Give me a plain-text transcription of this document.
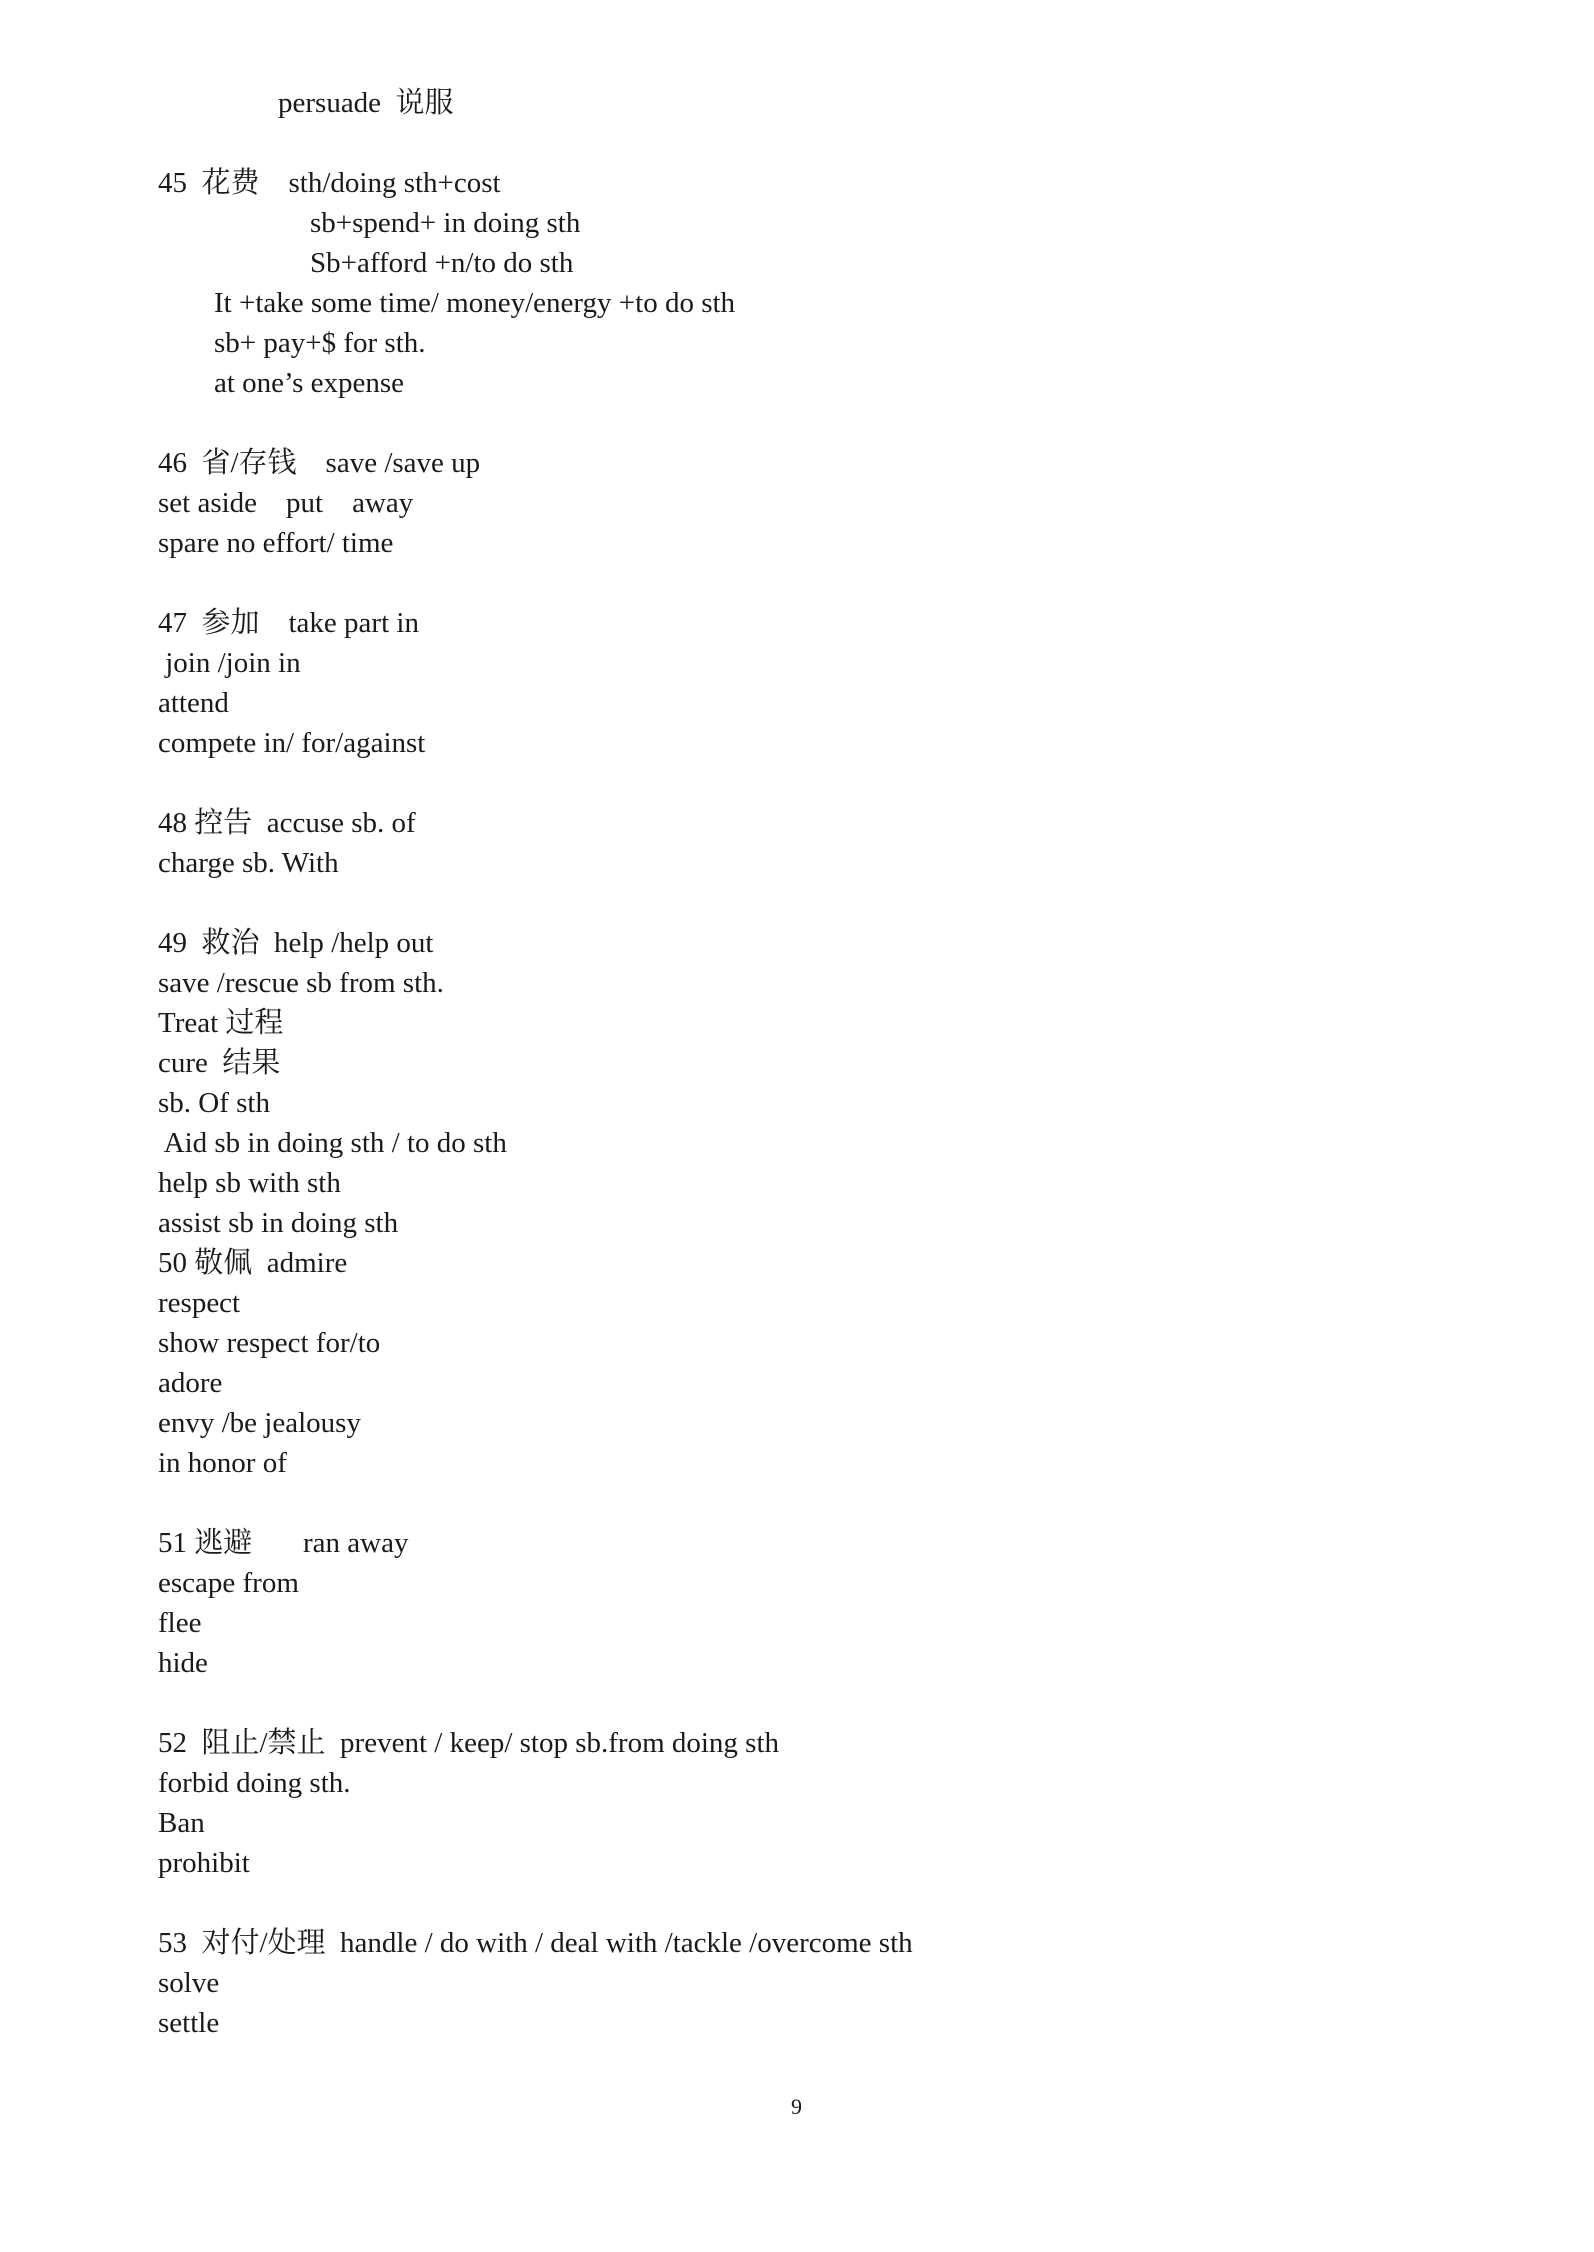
persuade  说服
45  花费    sth/doing sth+cost
sb+spend+ in doing sth
Sb+afford +n/to do sth
It +take some time/ money/energy +to do sth
sb+ pay+$ for sth.
at one’s expense
46  省/存钱    save /save up
set aside    put    away
spare no effort/ time
47  参加    take part in
join /join in
attend
compete in/ for/against
48 控告  accuse sb. of
charge sb. With
49  救治  help /help out
save /rescue sb from sth.
Treat 过程
cure  结果
sb. Of sth
Aid sb in doing sth / to do sth
help sb with sth
assist sb in doing sth
50 敬佩  admire
respect
show respect for/to
adore
envy /be jealousy
in honor of
51 逃避       ran away
escape from
flee
hide
52  阻止/禁止  prevent / keep/ stop sb.from doing sth
forbid doing sth.
Ban
prohibit
53  对付/处理  handle / do with / deal with /tackle /overcome sth
solve
settle
9
